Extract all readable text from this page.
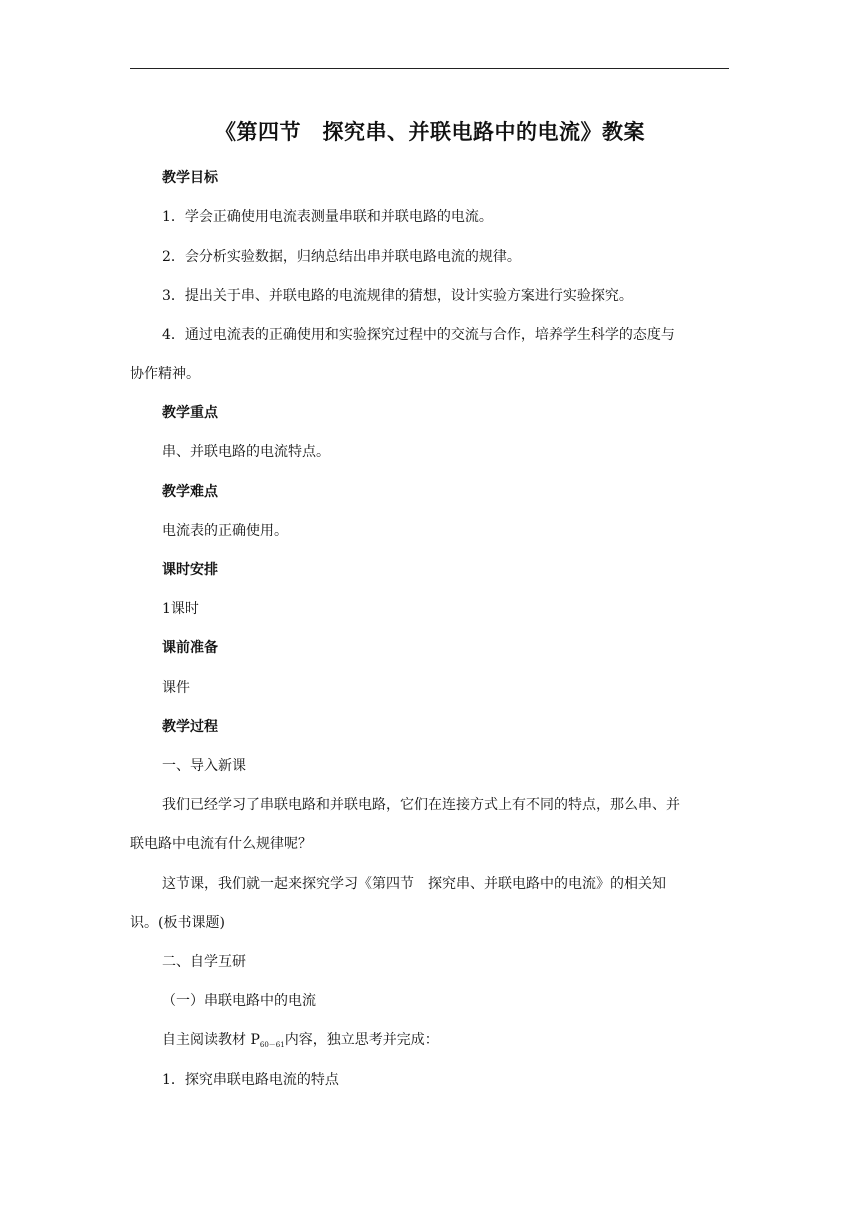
《第四节　探究串、并联电路中的电流》教案
教学目标
1．学会正确使用电流表测量串联和并联电路的电流。
2．会分析实验数据，归纳总结出串并联电路电流的规律。
3．提出关于串、并联电路的电流规律的猜想，设计实验方案进行实验探究。
4．通过电流表的正确使用和实验探究过程中的交流与合作，培养学生科学的态度与
协作精神。
教学重点
串、并联电路的电流特点。
教学难点
电流表的正确使用。
课时安排
1课时
课前准备
课件
教学过程
一、导入新课
我们已经学习了串联电路和并联电路，它们在连接方式上有不同的特点，那么串、并
联电路中电流有什么规律呢？
这节课，我们就一起来探究学习《第四节　探究串、并联电路中的电流》的相关知
识。(板书课题)
二、自学互研
（一）串联电路中的电流
自主阅读教材 $P_{60-61}$内容，独立思考并完成：
1．探究串联电路电流的特点
